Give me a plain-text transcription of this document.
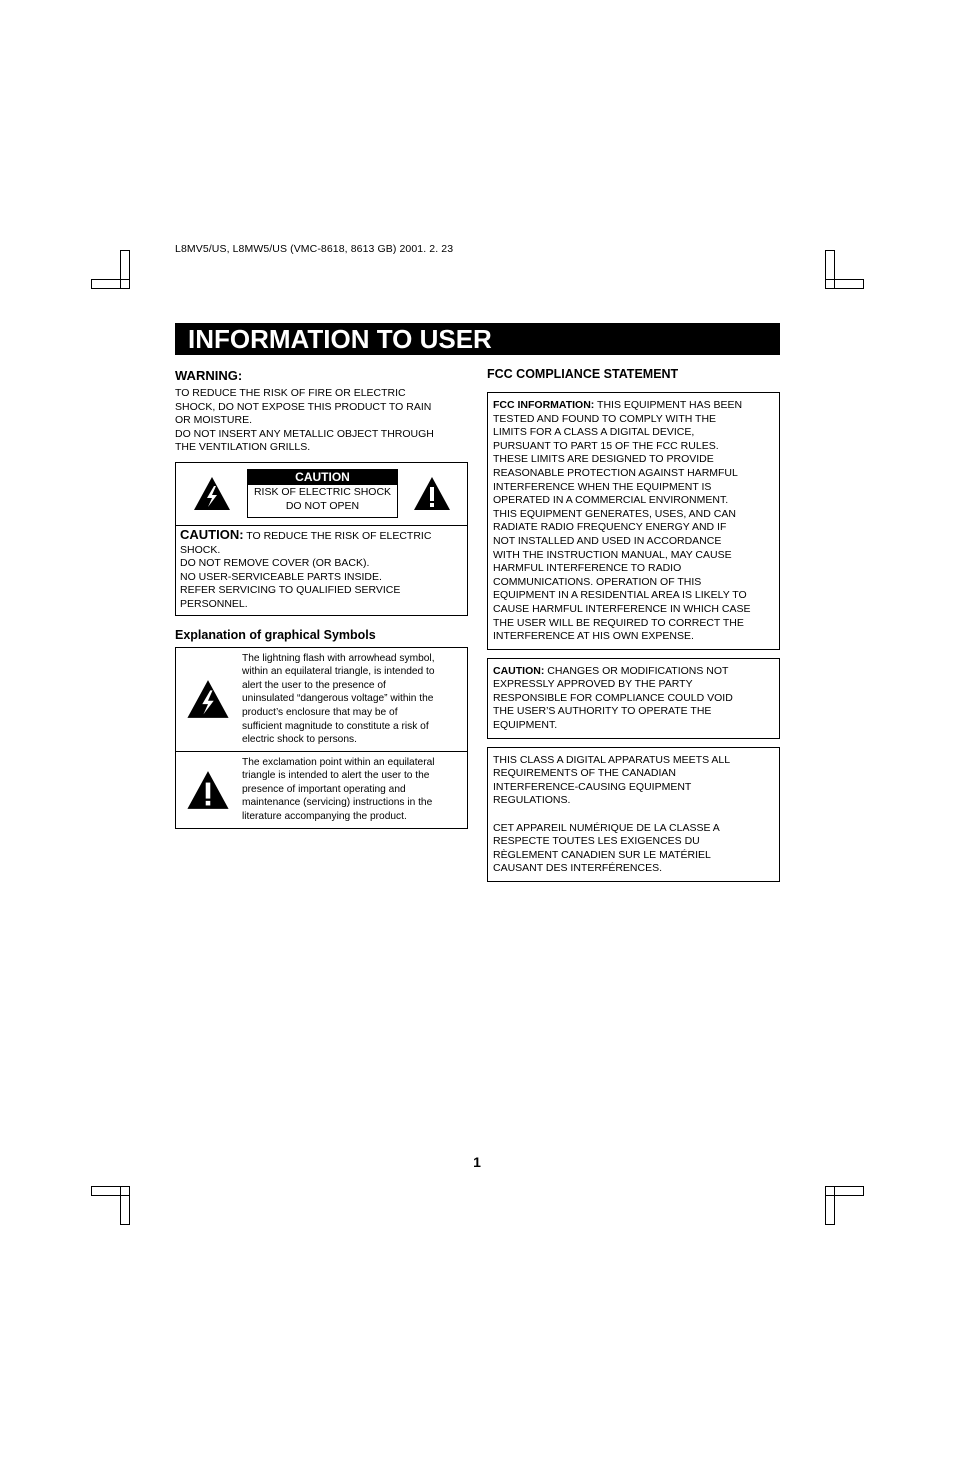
L8MV5/US, L8MW5/US (VMC-8618, 8613 GB) 2001. 2. 23
INFORMATION TO USER

WARNING:

TO REDUCE THE RISK OF FIRE OR ELECTRIC
SHOCK, DO NOT EXPOSE THIS PRODUCT TO RAIN
OR MOISTURE.
DO NOT INSERT ANY METALLIC OBJECT THROUGH
THE VENTILATION GRILLS.

CAUTION
RISK OF ELECTRIC SHOCK
DO NOT OPEN
CAUTION: TO REDUCE THE RISK OF ELECTRIC
SHOCK.
DO NOT REMOVE COVER (OR BACK).
NO USER-SERVICEABLE PARTS INSIDE.
REFER SERVICING TO QUALIFIED SERVICE
PERSONNEL.

Explanation of graphical Symbols

The lightning flash with arrowhead symbol,
within an equilateral triangle, is intended to
alert the user to the presence of
uninsulated “dangerous voltage” within the
product’s enclosure that may be of
sufficient magnitude to constitute a risk of
electric shock to persons.
The exclamation point within an equilateral
triangle is intended to alert the user to the
presence of important operating and
maintenance (servicing) instructions in the
literature accompanying the product.

FCC COMPLIANCE STATEMENT

FCC INFORMATION: THIS EQUIPMENT HAS BEEN
TESTED AND FOUND TO COMPLY WITH THE
LIMITS FOR A CLASS A DIGITAL DEVICE,
PURSUANT TO PART 15 OF THE FCC RULES.
THESE LIMITS ARE DESIGNED TO PROVIDE
REASONABLE PROTECTION AGAINST HARMFUL
INTERFERENCE WHEN THE EQUIPMENT IS
OPERATED IN A COMMERCIAL ENVIRONMENT.
THIS EQUIPMENT GENERATES, USES, AND CAN
RADIATE RADIO FREQUENCY ENERGY AND IF
NOT INSTALLED AND USED IN ACCORDANCE
WITH THE INSTRUCTION MANUAL, MAY CAUSE
HARMFUL INTERFERENCE TO RADIO
COMMUNICATIONS. OPERATION OF THIS
EQUIPMENT IN A RESIDENTIAL AREA IS LIKELY TO
CAUSE HARMFUL INTERFERENCE IN WHICH CASE
THE USER WILL BE REQUIRED TO CORRECT THE
INTERFERENCE AT HIS OWN EXPENSE.
CAUTION: CHANGES OR MODIFICATIONS NOT
EXPRESSLY APPROVED BY THE PARTY
RESPONSIBLE FOR COMPLIANCE COULD VOID
THE USER’S AUTHORITY TO OPERATE THE
EQUIPMENT.
THIS CLASS A DIGITAL APPARATUS MEETS ALL
REQUIREMENTS OF THE CANADIAN
INTERFERENCE-CAUSING EQUIPMENT
REGULATIONS.

CET APPAREIL NUMÉRIQUE DE LA CLASSE A
RESPECTE TOUTES LES EXIGENCES DU
RÈGLEMENT CANADIEN SUR LE MATÉRIEL
CAUSANT DES INTERFÉRENCES.
1
